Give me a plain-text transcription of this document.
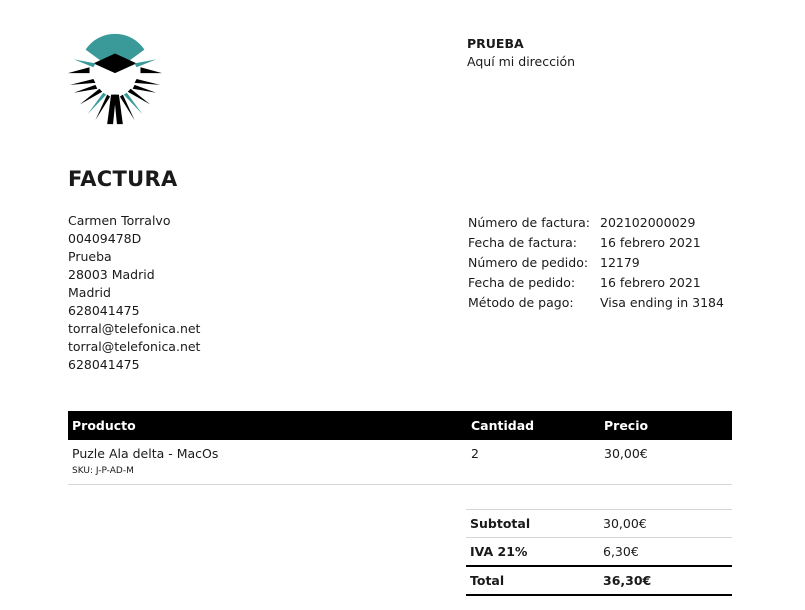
PRUEBA
Aquí mi dirección
FACTURA
Carmen Torralvo
00409478D
Prueba
28003 Madrid
Madrid
628041475
torral@telefonica.net
torral@telefonica.net
628041475
Número de factura:	202102000029
Fecha de factura:	16 febrero 2021
Número de pedido:	12179
Fecha de pedido:	16 febrero 2021
Método de pago:	Visa ending in 3184
Producto	Cantidad	Precio
Puzle Ala delta - MacOs
SKU: J-P-AD-M	2	30,00€
Subtotal	30,00€
IVA 21%	6,30€
Total	36,30€
